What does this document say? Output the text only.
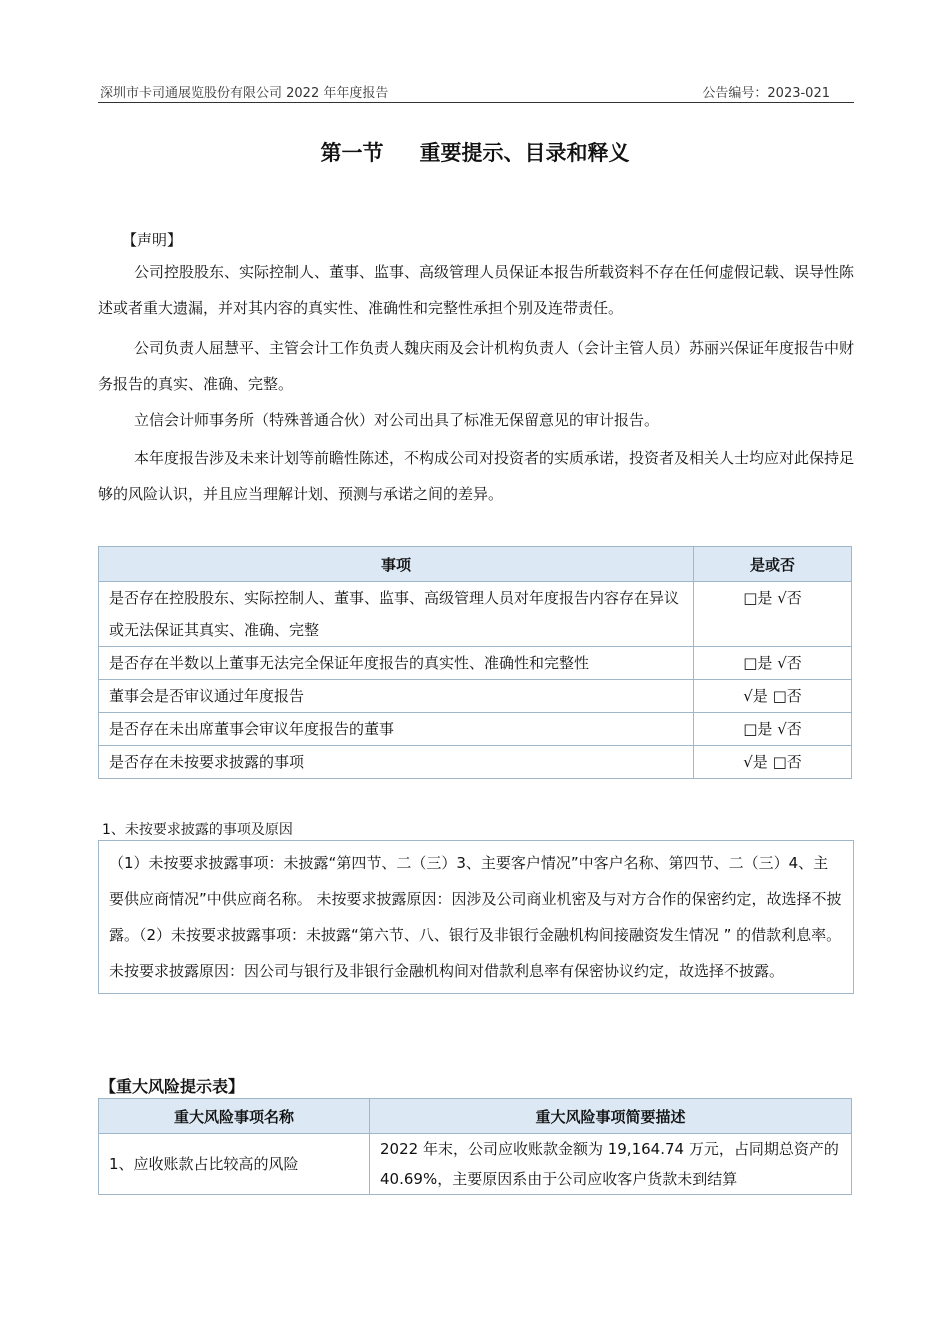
深圳市卡司通展览股份有限公司 2022 年年度报告	公告编号：2023-021
第一节 重要提示、目录和释义
【声明】
公司控股股东、实际控制人、董事、监事、高级管理人员保证本报告所载资料不存在任何虚假记载、误导性陈述或者重大遗漏，并对其内容的真实性、准确性和完整性承担个别及连带责任。
公司负责人屈慧平、主管会计工作负责人魏庆雨及会计机构负责人（会计主管人员）苏丽兴保证年度报告中财务报告的真实、准确、完整。
立信会计师事务所（特殊普通合伙）对公司出具了标准无保留意见的审计报告。
本年度报告涉及未来计划等前瞻性陈述，不构成公司对投资者的实质承诺，投资者及相关人士均应对此保持足够的风险认识，并且应当理解计划、预测与承诺之间的差异。
事项	是或否
是否存在控股股东、实际控制人、董事、监事、高级管理人员对年度报告内容存在异议或无法保证其真实、准确、完整	□是 √否
是否存在半数以上董事无法完全保证年度报告的真实性、准确性和完整性	□是 √否
董事会是否审议通过年度报告	√是 □否
是否存在未出席董事会审议年度报告的董事	□是 √否
是否存在未按要求披露的事项	√是 □否
1、未按要求披露的事项及原因
（1）未按要求披露事项：未披露“第四节、二（三）3、主要客户情况”中客户名称、第四节、二（三）4、主要供应商情况”中供应商名称。 未按要求披露原因：因涉及公司商业机密及与对方合作的保密约定，故选择不披露。（2）未按要求披露事项：未披露“第六节、八、银行及非银行金融机构间接融资发生情况 ” 的借款利息率。 未按要求披露原因：因公司与银行及非银行金融机构间对借款利息率有保密协议约定，故选择不披露。
【重大风险提示表】
重大风险事项名称	重大风险事项简要描述
1、应收账款占比较高的风险	2022 年末，公司应收账款金额为 19,164.74 万元，占同期总资产的 40.69%，主要原因系由于公司应收客户货款未到结算
